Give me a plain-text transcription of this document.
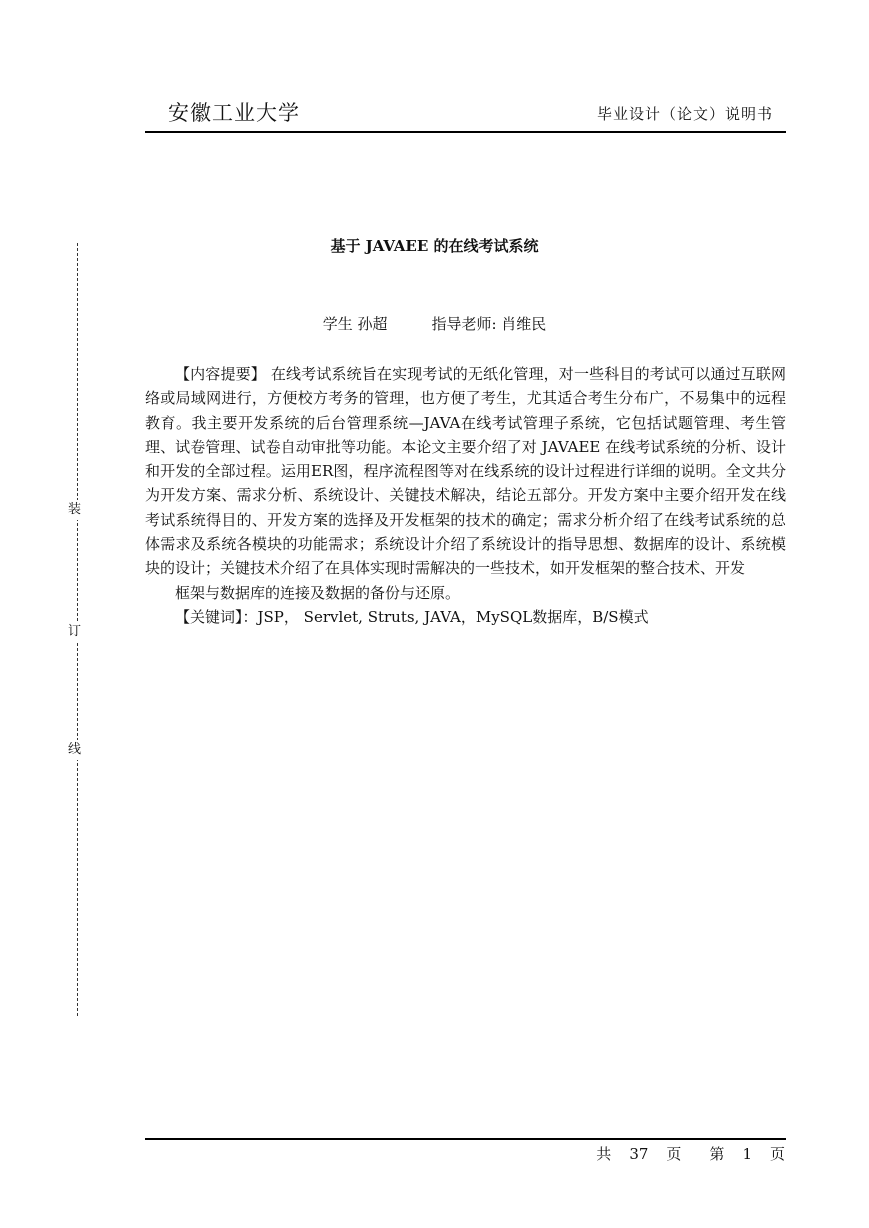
安徽工业大学	毕业设计（论文）说明书
装
订
线
基于 JAVAEE 的在线考试系统
学生 孙超	指导老师: 肖维民

【内容提要】 在线考试系统旨在实现考试的无纸化管理，对一些科目的考试可以通过互联网络或局域网进行，方便校方考务的管理，也方便了考生，尤其适合考生分布广，不易集中的远程教育。我主要开发系统的后台管理系统—JAVA在线考试管理子系统，它包括试题管理、考生管理、试卷管理、试卷自动审批等功能。本论文主要介绍了对 JAVAEE 在线考试系统的分析、设计和开发的全部过程。运用ER图，程序流程图等对在线系统的设计过程进行详细的说明。全文共分为开发方案、需求分析、系统设计、关键技术解决，结论五部分。开发方案中主要介绍开发在线考试系统得目的、开发方案的选择及开发框架的技术的确定；需求分析介绍了在线考试系统的总体需求及系统各模块的功能需求；系统设计介绍了系统设计的指导思想、数据库的设计、系统模块的设计；关键技术介绍了在具体实现时需解决的一些技术，如开发框架的整合技术、开发

框架与数据库的连接及数据的备份与还原。

【关键词】：JSP， Servlet, Struts, JAVA，MySQL数据库，B/S模式

共 37 页 第 1 页
